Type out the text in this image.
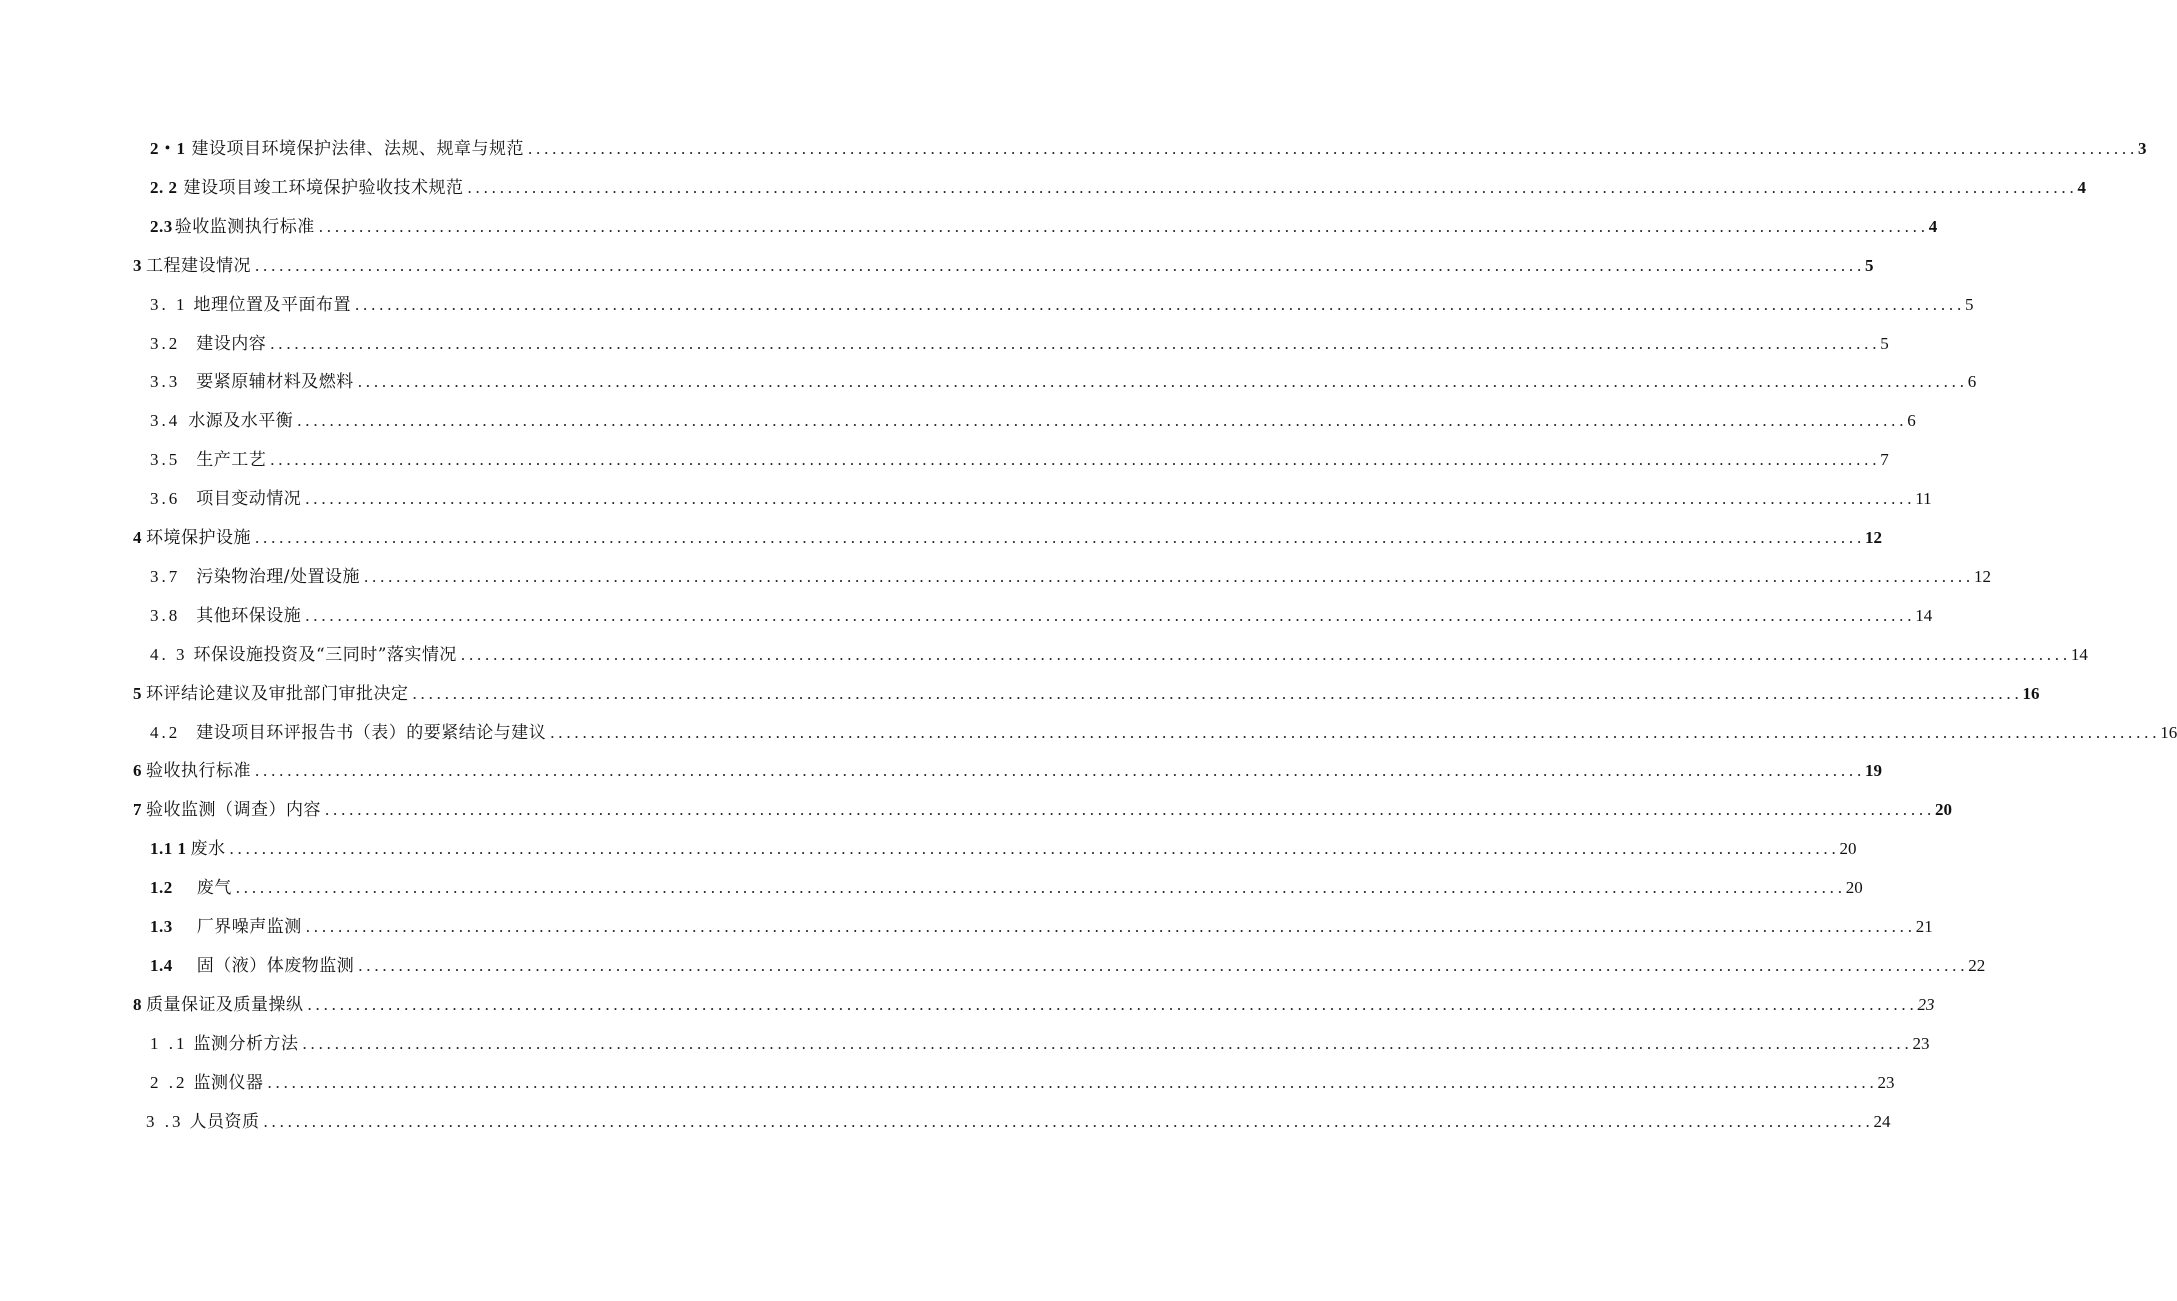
2・1 建设项目环境保护法律、法规、规章与规范 ........................................................................................................................................................................................................ 3
2. 2 建设项目竣工环境保护验收技术规范 ........................................................................................................................................................................................................ 4
2.3 验收监测执行标准 ........................................................................................................................................................................................................ 4
3 工程建设情况 ........................................................................................................................................................................................................ 5
3. 1 地理位置及平面布置 ........................................................................................................................................................................................................ 5
3.2 建设内容 ........................................................................................................................................................................................................ 5
3.3 要紧原辅材料及燃料 ........................................................................................................................................................................................................ 6
3.4 水源及水平衡 ........................................................................................................................................................................................................ 6
3.5 生产工艺 ........................................................................................................................................................................................................ 7
3.6 项目变动情况 ........................................................................................................................................................................................................ 11
4 环境保护设施 ........................................................................................................................................................................................................ 12
3.7 污染物治理/处置设施 ........................................................................................................................................................................................................ 12
3.8 其他环保设施 ........................................................................................................................................................................................................ 14
4. 3 环保设施投资及“三同时”落实情况 ........................................................................................................................................................................................................ 14
5 环评结论建议及审批部门审批决定 ........................................................................................................................................................................................................ 16
4.2 建设项目环评报告书（表）的要紧结论与建议 ........................................................................................................................................................................................................ 16
6 验收执行标准 ........................................................................................................................................................................................................ 19
7 验收监测（调查）内容 ........................................................................................................................................................................................................ 20
1.1 1 废水 ........................................................................................................................................................................................................ 20
1.2 废气 ........................................................................................................................................................................................................ 20
1.3 厂界噪声监测 ........................................................................................................................................................................................................ 21
1.4 固（液）体废物监测 ........................................................................................................................................................................................................ 22
8 质量保证及质量操纵 ........................................................................................................................................................................................................ 23
1 .1 监测分析方法 ........................................................................................................................................................................................................ 23
2 .2 监测仪器 ........................................................................................................................................................................................................ 23
3 .3 人员资质 ........................................................................................................................................................................................................ 24
